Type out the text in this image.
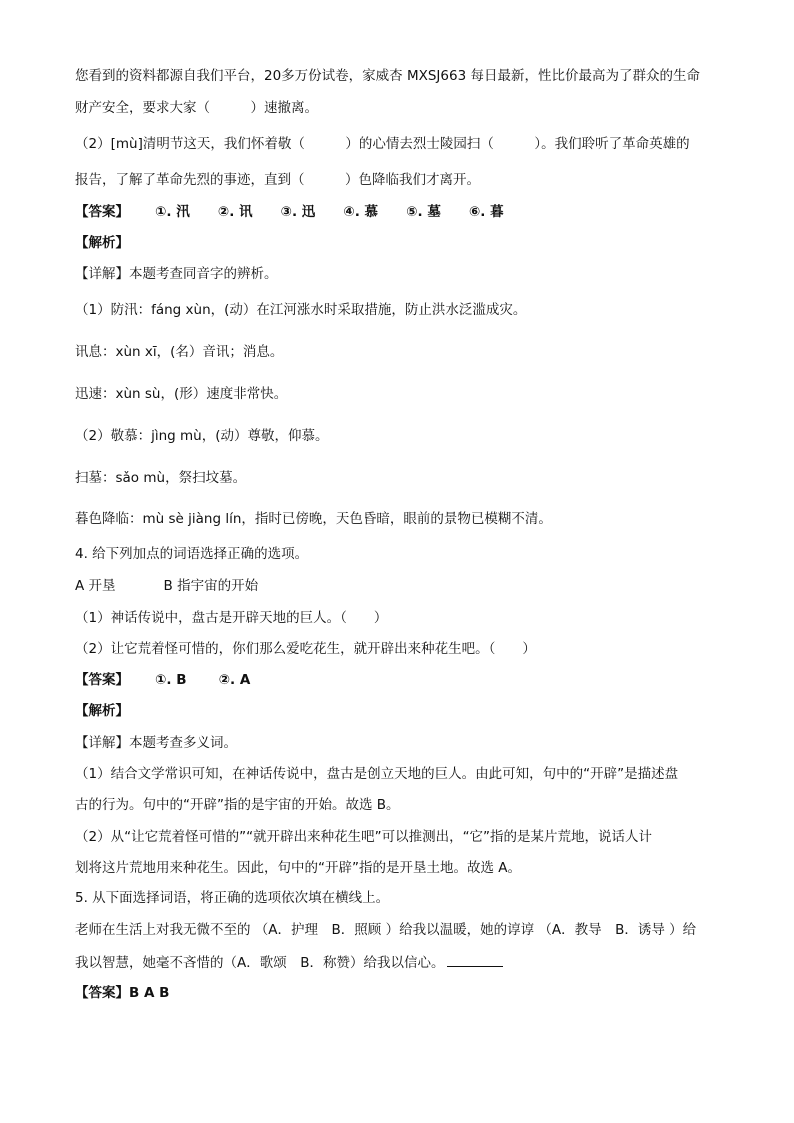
您看到的资料都源自我们平台，20多万份试卷，家威杏 MXSJ663 每日最新，性比价最高为了群众的生命
财产安全，要求大家（　　　）速撤离。
（2）[mù]清明节这天，我们怀着敬（　　　）的心情去烈士陵园扫（　　　）。我们聆听了革命英雄的
报告，了解了革命先烈的事迹，直到（　　　）色降临我们才离开。
【答案】 ①. 汛 ②. 讯 ③. 迅 ④. 慕 ⑤. 墓 ⑥. 暮
【解析】
【详解】本题考查同音字的辨析。
（1）防汛：fáng xùn，(动）在江河涨水时采取措施，防止洪水泛滥成灾。
讯息：xùn xī，(名）音讯；消息。
迅速：xùn sù，(形）速度非常快。
（2）敬慕：jìng mù，(动）尊敬，仰慕。
扫墓：sǎo mù，祭扫坟墓。
暮色降临：mù sè jiàng lín，指时已傍晚，天色昏暗，眼前的景物已模糊不清。
4. 给下列加点的词语选择正确的选项。
A 开垦	B 指宇宙的开始
（1）神话传说中，盘古是开辟天地的巨人。（　　）
（2）让它荒着怪可惜的，你们那么爱吃花生，就开辟出来种花生吧。（　　）
【答案】 ①. B ②. A
【解析】
【详解】本题考查多义词。
（1）结合文学常识可知，在神话传说中，盘古是创立天地的巨人。由此可知，句中的“开辟”是描述盘
古的行为。句中的“开辟”指的是宇宙的开始。故选 B。
（2）从“让它荒着怪可惜的”“就开辟出来种花生吧”可以推测出，“它”指的是某片荒地，说话人计
划将这片荒地用来种花生。因此，句中的“开辟”指的是开垦土地。故选 A。
5. 从下面选择词语，将正确的选项依次填在横线上。
老师在生活上对我无微不至的 （A．护理　B．照顾 ）给我以温暖，她的谆谆 （A．教导　B．诱导 ）给
我以智慧，她毫不吝惜的（A．歌颂　B．称赞）给我以信心。
【答案】B A B
